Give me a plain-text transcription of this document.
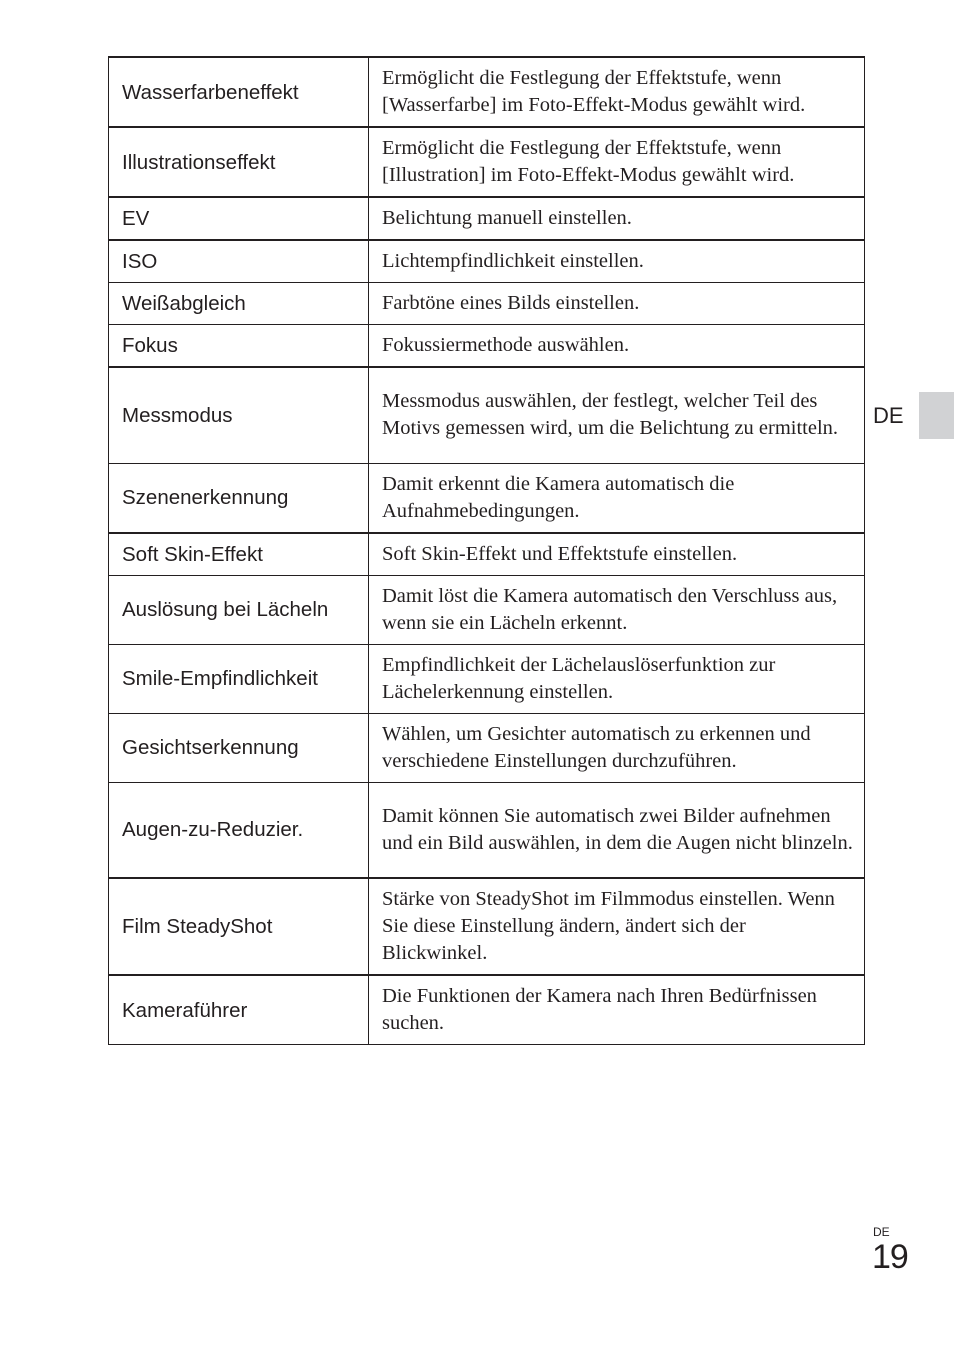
Wasserfarbeneffekt	Ermöglicht die Festlegung der Effektstufe, wenn [Wasserfarbe] im Foto-Effekt-Modus gewählt wird.
Illustrationseffekt	Ermöglicht die Festlegung der Effektstufe, wenn [Illustration] im Foto-Effekt-Modus gewählt wird.
EV	Belichtung manuell einstellen.
ISO	Lichtempfindlichkeit einstellen.
Weißabgleich	Farbtöne eines Bilds einstellen.
Fokus	Fokussiermethode auswählen.
Messmodus	Messmodus auswählen, der festlegt, welcher Teil des Motivs gemessen wird, um die Belichtung zu ermitteln.
Szenenerkennung	Damit erkennt die Kamera automatisch die Aufnahmebedingungen.
Soft Skin-Effekt	Soft Skin-Effekt und Effektstufe einstellen.
Auslösung bei Lächeln	Damit löst die Kamera automatisch den Verschluss aus, wenn sie ein Lächeln erkennt.
Smile-Empfindlichkeit	Empfindlichkeit der Lächelauslöserfunktion zur Lächelerkennung einstellen.
Gesichtserkennung	Wählen, um Gesichter automatisch zu erkennen und verschiedene Einstellungen durchzuführen.
Augen-zu-Reduzier.	Damit können Sie automatisch zwei Bilder aufnehmen und ein Bild auswählen, in dem die Augen nicht blinzeln.
Film SteadyShot	Stärke von SteadyShot im Filmmodus einstellen. Wenn Sie diese Einstellung ändern, ändert sich der Blickwinkel.
Kameraführer	Die Funktionen der Kamera nach Ihren Bedürfnissen suchen.
DE
DE
19
